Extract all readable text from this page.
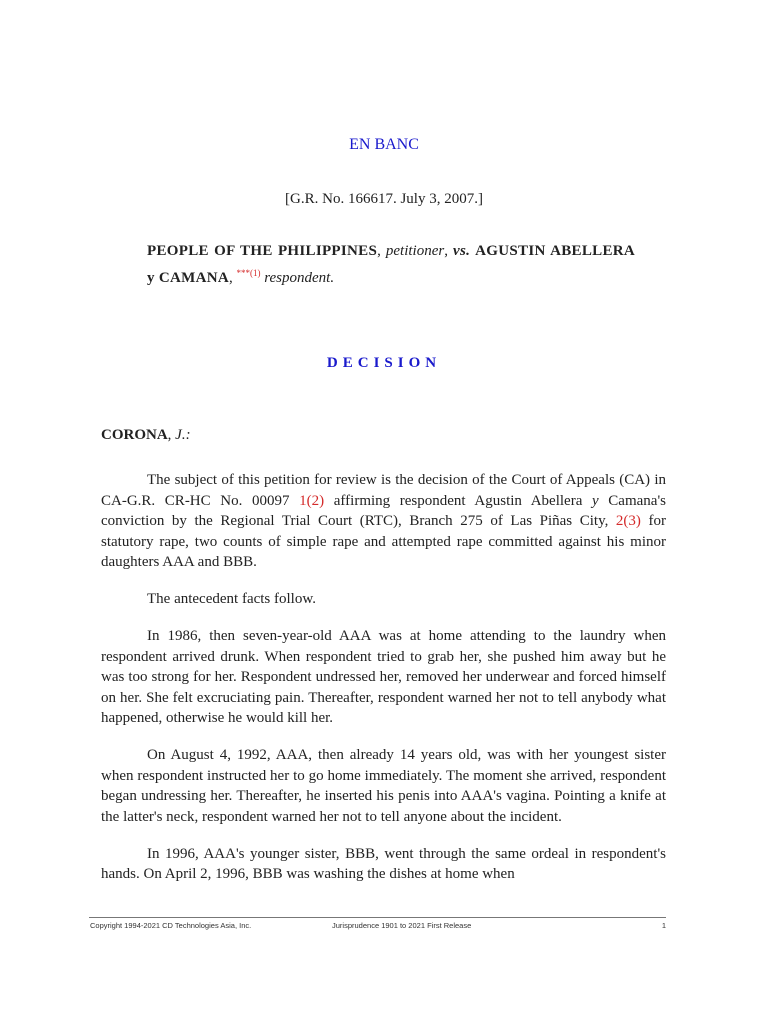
EN BANC
[G.R. No. 166617. July 3, 2007.]
PEOPLE OF THE PHILIPPINES, petitioner, vs. AGUSTIN ABELLERA y CAMANA, $^{***(1)}$ respondent.
DECISION
CORONA, J.:

The subject of this petition for review is the decision of the Court of Appeals (CA) in CA-G.R. CR-HC No. 00097 1(2) affirming respondent Agustin Abellera y Camana's conviction by the Regional Trial Court (RTC), Branch 275 of Las Piñas City, 2(3) for statutory rape, two counts of simple rape and attempted rape committed against his minor daughters AAA and BBB.

The antecedent facts follow.

In 1986, then seven-year-old AAA was at home attending to the laundry when respondent arrived drunk. When respondent tried to grab her, she pushed him away but he was too strong for her. Respondent undressed her, removed her underwear and forced himself on her. She felt excruciating pain. Thereafter, respondent warned her not to tell anybody what happened, otherwise he would kill her.

On August 4, 1992, AAA, then already 14 years old, was with her youngest sister when respondent instructed her to go home immediately. The moment she arrived, respondent began undressing her. Thereafter, he inserted his penis into AAA's vagina. Pointing a knife at the latter's neck, respondent warned her not to tell anyone about the incident.

In 1996, AAA's younger sister, BBB, went through the same ordeal in respondent's hands. On April 2, 1996, BBB was washing the dishes at home when

Copyright 1994-2021 CD Technologies Asia, Inc.	Jurisprudence 1901 to 2021 First Release	1
